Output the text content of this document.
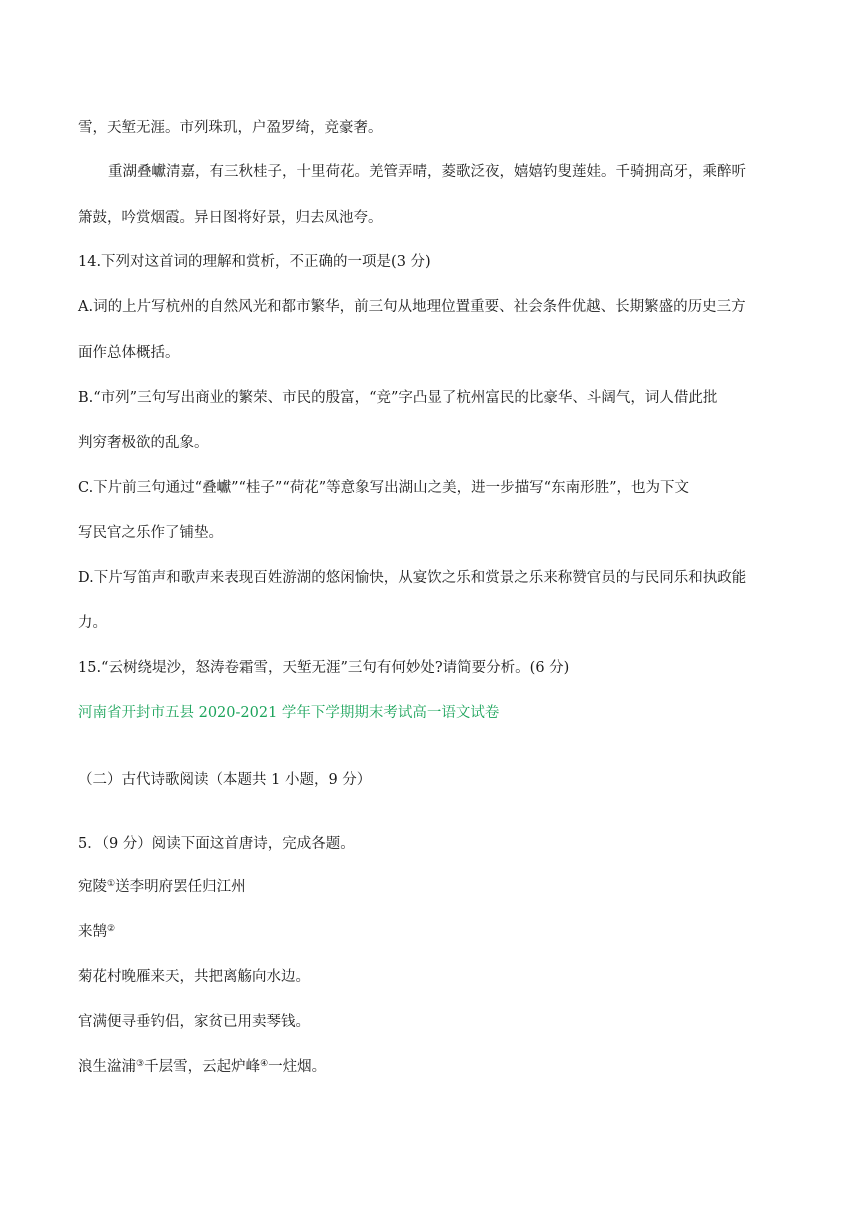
雪，天堑无涯。市列珠玑，户盈罗绮，竞豪奢。
重湖叠巘清嘉，有三秋桂子，十里荷花。羌管弄晴，菱歌泛夜，嬉嬉钓叟莲娃。千骑拥高牙，乘醉听
箫鼓，吟赏烟霞。异日图将好景，归去凤池夸。
14.下列对这首词的理解和赏析，不正确的一项是(3 分)
A.词的上片写杭州的自然风光和都市繁华，前三句从地理位置重要、社会条件优越、长期繁盛的历史三方
面作总体概括。
B.“市列”三句写出商业的繁荣、市民的殷富，“竞”字凸显了杭州富民的比豪华、斗阔气，词人借此批
判穷奢极欲的乱象。
C.下片前三句通过“叠巘”“桂子”“荷花”等意象写出湖山之美，进一步描写“东南形胜”，也为下文
写民官之乐作了铺垫。
D.下片写笛声和歌声来表现百姓游湖的悠闲愉快，从宴饮之乐和赏景之乐来称赞官员的与民同乐和执政能
力。
15.“云树绕堤沙，怒涛卷霜雪，天堑无涯”三句有何妙处?请简要分析。(6 分)
河南省开封市五县 2020-2021 学年下学期期末考试高一语文试卷
（二）古代诗歌阅读（本题共 1 小题，9 分）
5．（9 分）阅读下面这首唐诗，完成各题。
宛陵①送李明府罢任归江州
来鹄②
菊花村晚雁来天，共把离觞向水边。
官满便寻垂钓侣，家贫已用卖琴钱。
浪生湓浦③千层雪，云起炉峰④一炷烟。
